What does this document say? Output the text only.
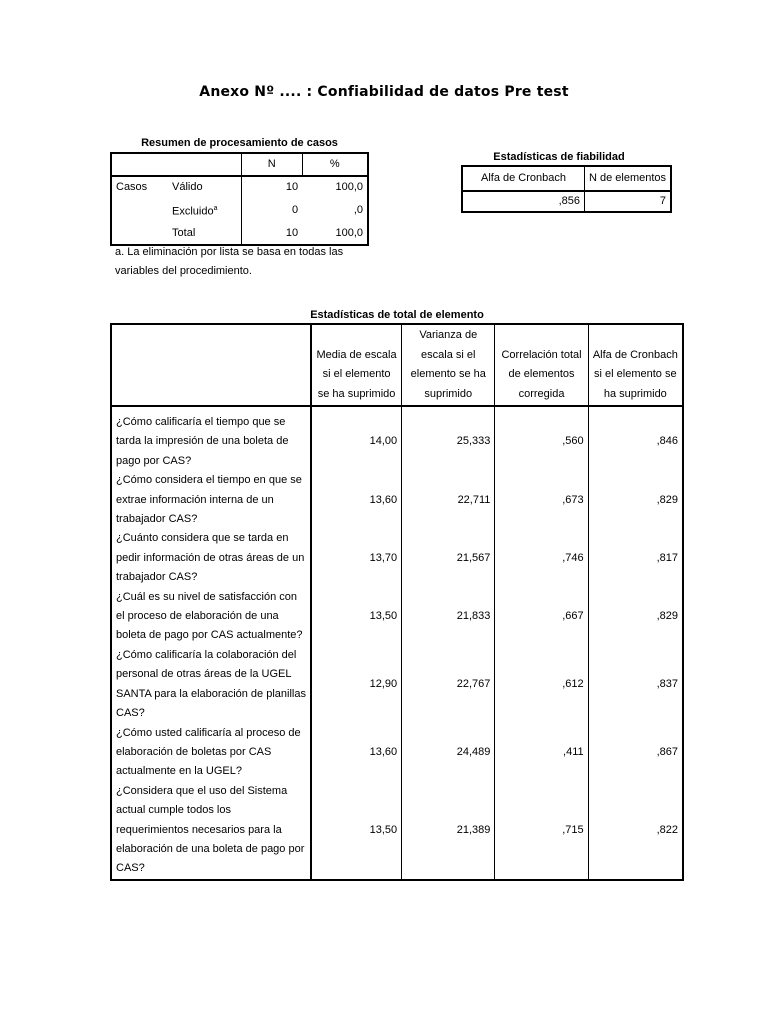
Anexo Nº .... : Confiabilidad de datos Pre test
Resumen de procesamiento de casos
		N	%
Casos	Válido	10	100,0
	Excluido$^a$	0	,0
	Total	10	100,0
a. La eliminación por lista se basa en todas las variables del procedimiento.
Estadísticas de fiabilidad
Alfa de Cronbach	N de elementos
,856	7
Estadísticas de total de elemento
	Media de escala si el elemento se ha suprimido	Varianza de escala si el elemento se ha suprimido	Correlación total de elementos corregida	Alfa de Cronbach si el elemento se ha suprimido
¿Cómo calificaría el tiempo que se tarda la impresión de una boleta de pago por CAS?	14,00	25,333	,560	,846
¿Cómo considera el tiempo en que se extrae información interna de un trabajador CAS?	13,60	22,711	,673	,829
¿Cuánto considera que se tarda en pedir información de otras áreas de un trabajador CAS?	13,70	21,567	,746	,817
¿Cuál es su nivel de satisfacción con el proceso de elaboración de una boleta de pago por CAS actualmente?	13,50	21,833	,667	,829
¿Cómo calificaría la colaboración del personal de otras áreas de la UGEL SANTA para la elaboración de planillas CAS?	12,90	22,767	,612	,837
¿Cómo usted calificaría al proceso de elaboración de boletas por CAS actualmente en la UGEL?	13,60	24,489	,411	,867
¿Considera que el uso del Sistema actual cumple todos los requerimientos necesarios para la elaboración de una boleta de pago por CAS?	13,50	21,389	,715	,822
